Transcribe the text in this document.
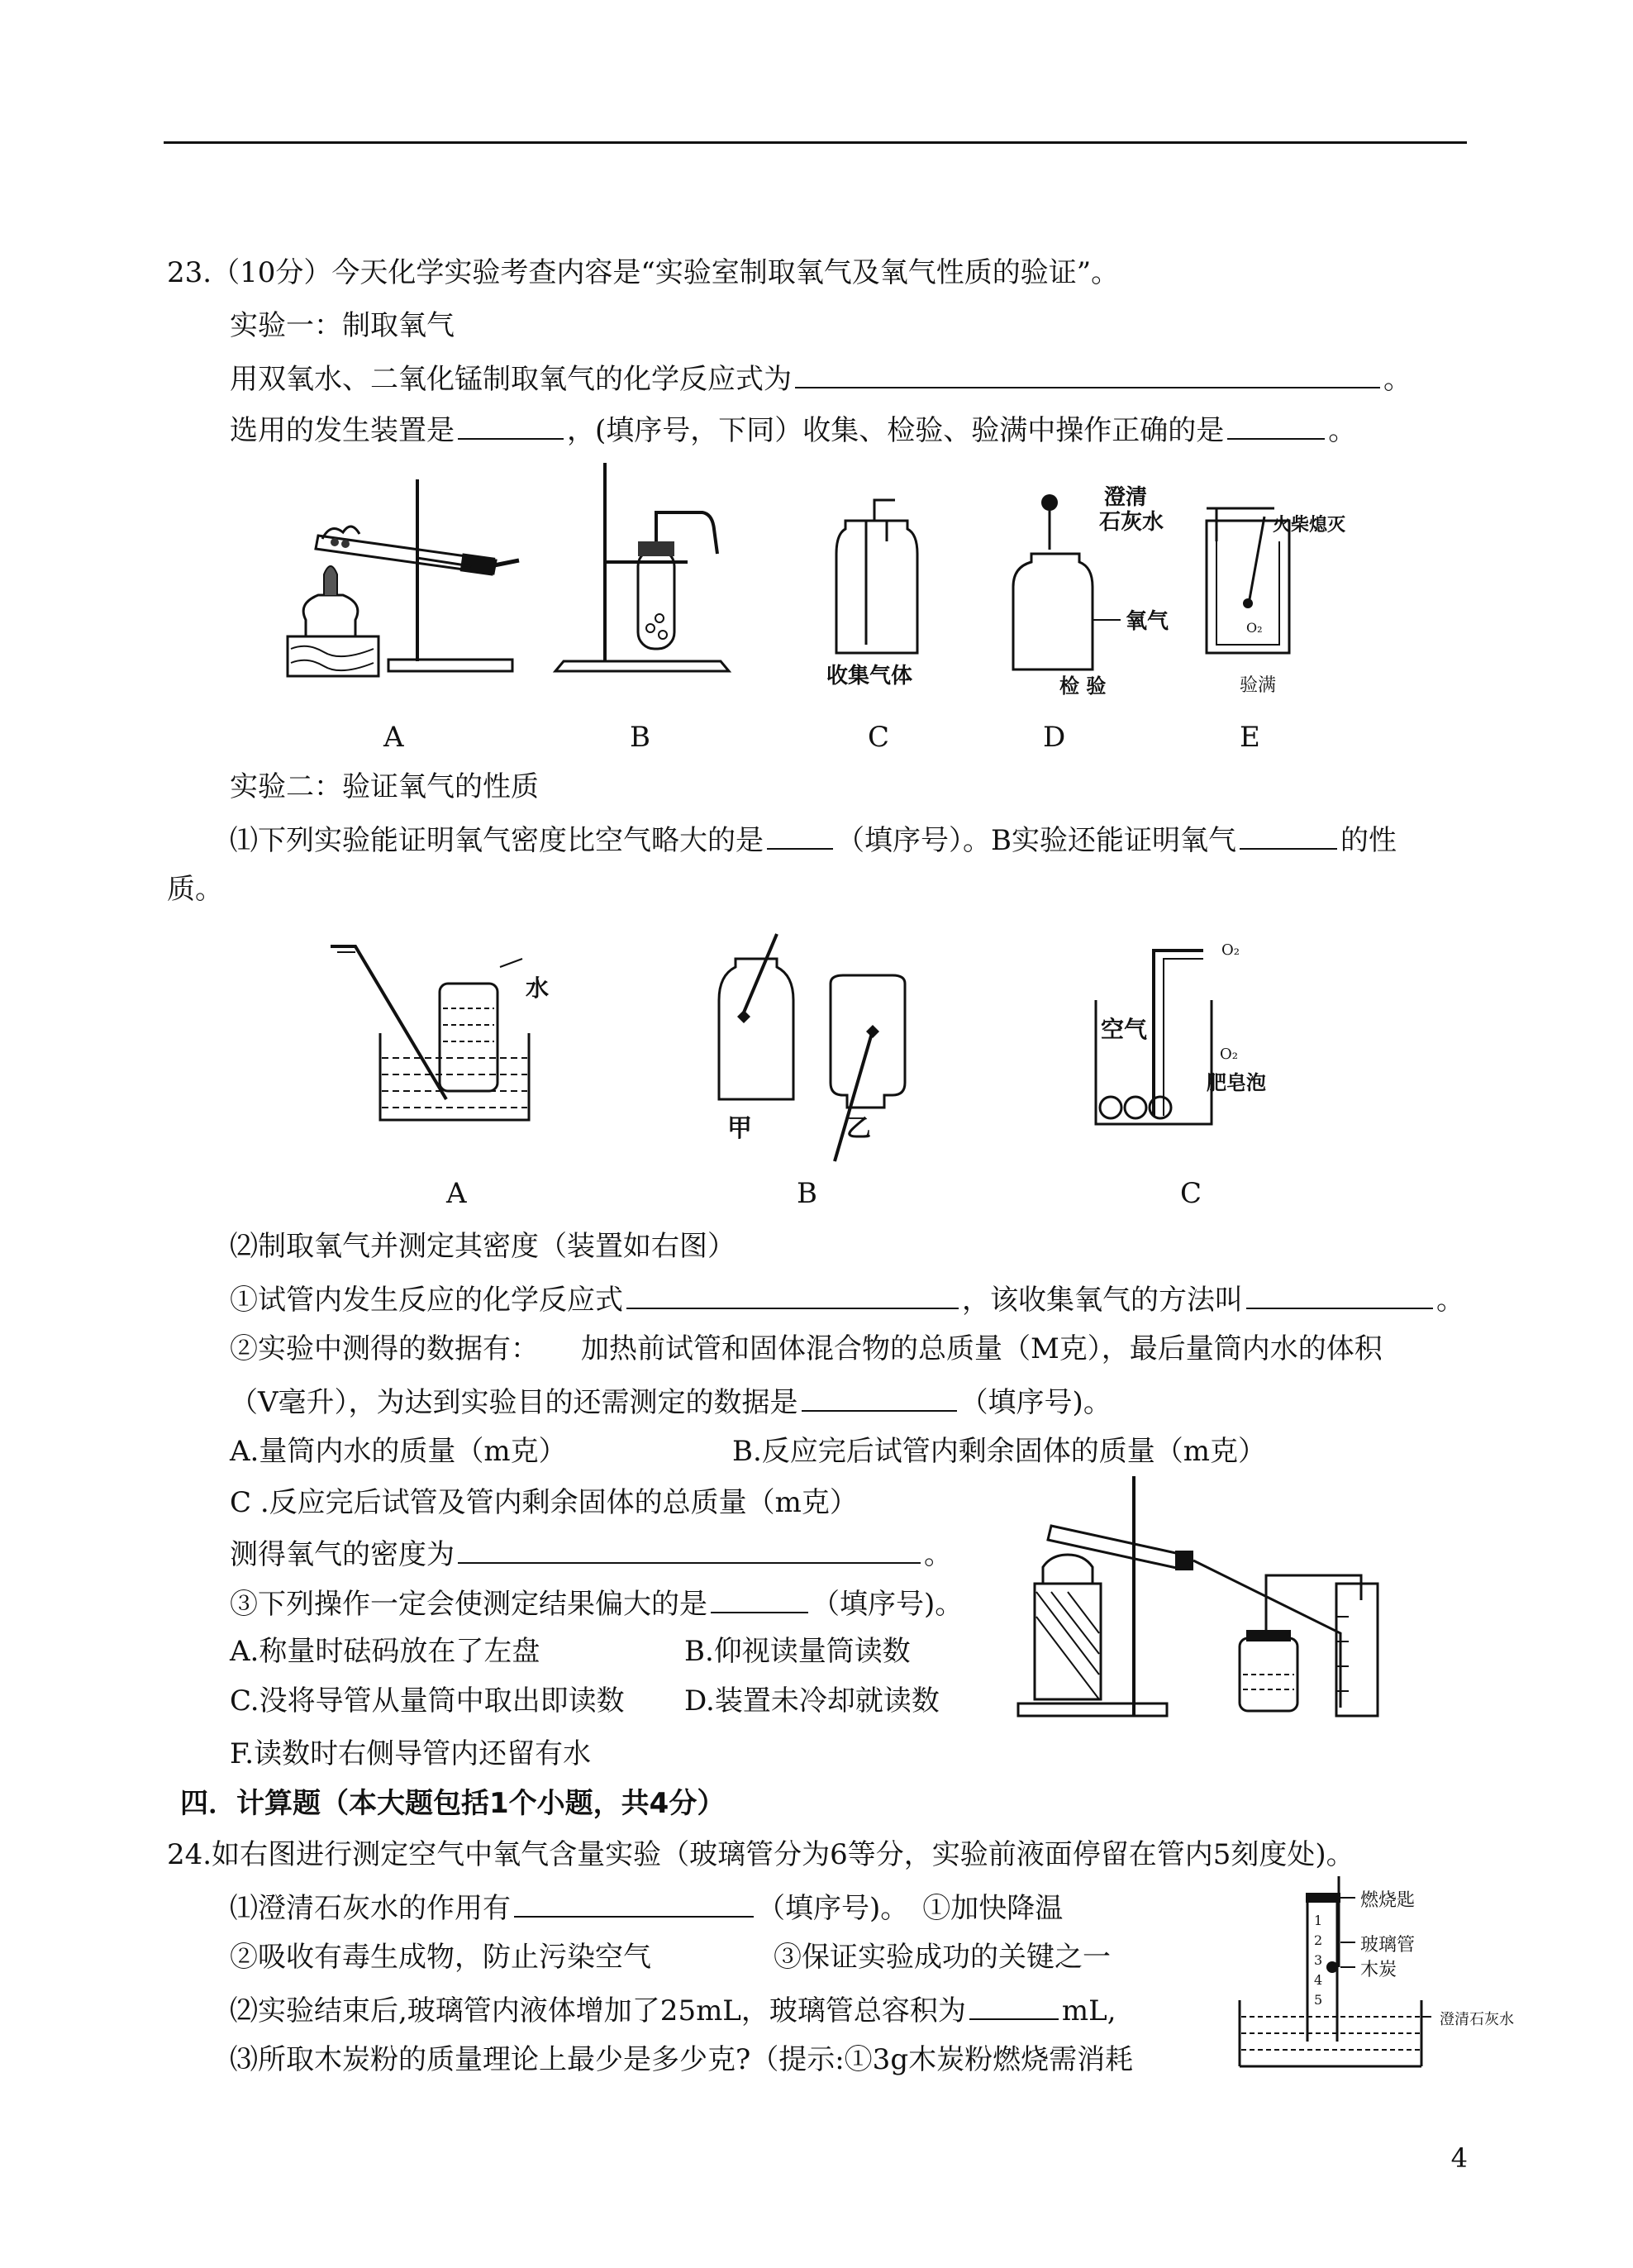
23.（10分）今天化学实验考查内容是“实验室制取氧气及氧气性质的验证”。
实验一：制取氧气
用双氧水、二氧化锰制取氧气的化学反应式为	。
选用的发生装置是	，(填序号，下同）收集、检验、验满中操作正确的是	。
A	B
收集气体
C
澄清
石灰水
氧气
检 验
D
火柴熄灭
O₂
验满
E
实验二：验证氧气的性质
⑴下列实验能证明氧气密度比空气略大的是	（填序号）。B实验还能证明氧气	的性
质。
水
A
甲	乙
B
O₂
空气
O₂
肥皂泡
C
⑵制取氧气并测定其密度（装置如右图）
①试管内发生反应的化学反应式	，该收集氧气的方法叫	。
②实验中测得的数据有：　　加热前试管和固体混合物的总质量（M克），最后量筒内水的体积
（V毫升），为达到实验目的还需测定的数据是	（填序号)。
A.量筒内水的质量（m克）	B.反应完后试管内剩余固体的质量（m克）
C .反应完后试管及管内剩余固体的总质量（m克）
测得氧气的密度为	。
③下列操作一定会使测定结果偏大的是	（填序号)。
A.称量时砝码放在了左盘	B.仰视读量筒读数
C.没将导管从量筒中取出即读数 D.装置未冷却就读数
F.读数时右侧导管内还留有水
四．计算题（本大题包括1个小题，共4分）
24.如右图进行测定空气中氧气含量实验（玻璃管分为6等分，实验前液面停留在管内5刻度处)。
⑴澄清石灰水的作用有	（填序号)。　①加快降温
②吸收有毒生成物，防止污染空气	③保证实验成功的关键之一
⑵实验结束后,玻璃管内液体增加了25mL，玻璃管总容积为	mL,
⑶所取木炭粉的质量理论上最少是多少克?（提示:①3g木炭粉燃烧需消耗
燃烧匙
玻璃管
木炭
澄清石灰水
1
2
3
4
5
4
